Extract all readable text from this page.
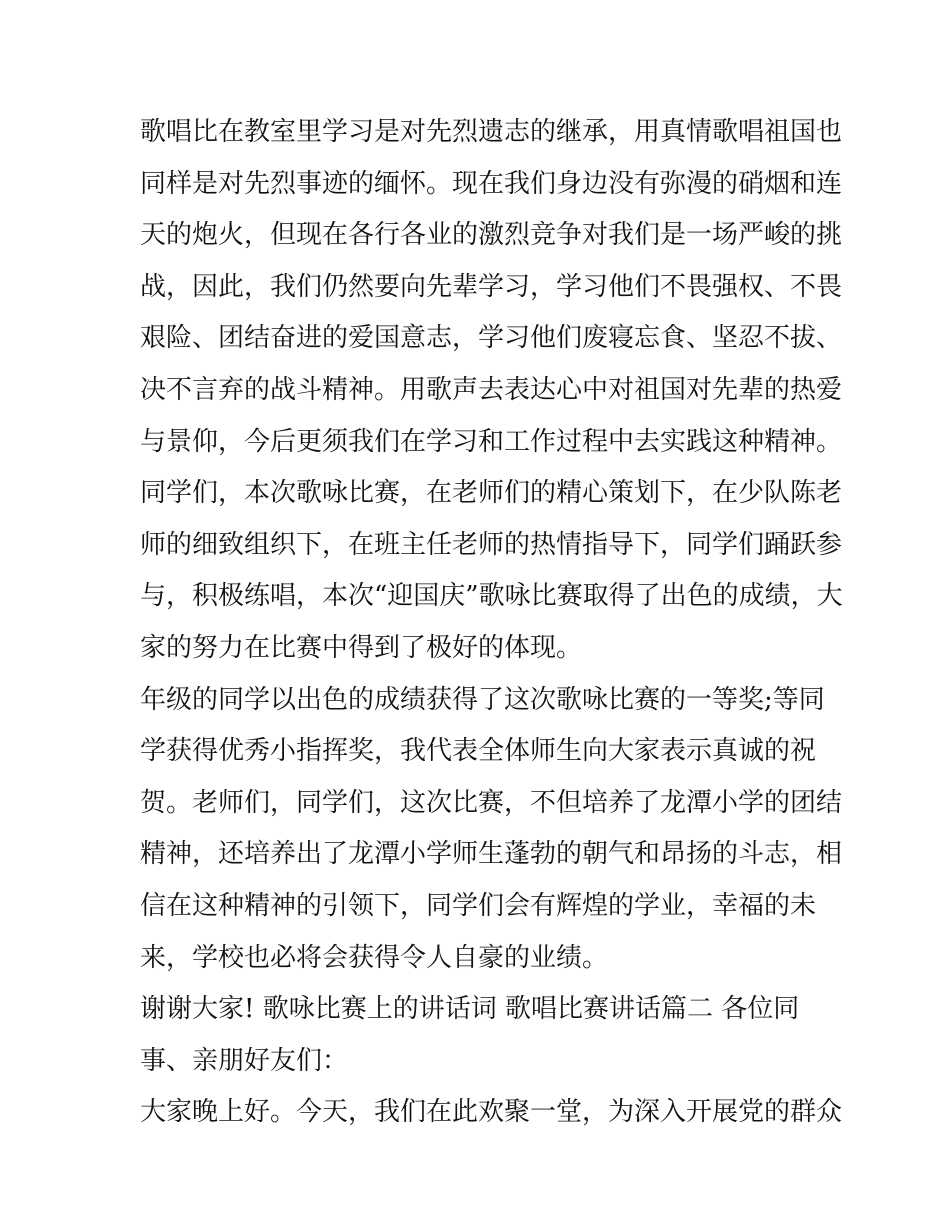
歌唱比在教室里学习是对先烈遗志的继承，用真情歌唱祖国也
同样是对先烈事迹的缅怀。现在我们身边没有弥漫的硝烟和连
天的炮火，但现在各行各业的激烈竞争对我们是一场严峻的挑
战，因此，我们仍然要向先辈学习，学习他们不畏强权、不畏
艰险、团结奋进的爱国意志，学习他们废寝忘食、坚忍不拔、
决不言弃的战斗精神。用歌声去表达心中对祖国对先辈的热爱
与景仰，今后更须我们在学习和工作过程中去实践这种精神。
同学们，本次歌咏比赛，在老师们的精心策划下，在少队陈老
师的细致组织下，在班主任老师的热情指导下，同学们踊跃参
与，积极练唱，本次“迎国庆”歌咏比赛取得了出色的成绩，大
家的努力在比赛中得到了极好的体现。
年级的同学以出色的成绩获得了这次歌咏比赛的一等奖;等同
学获得优秀小指挥奖，我代表全体师生向大家表示真诚的祝
贺。老师们，同学们，这次比赛，不但培养了龙潭小学的团结
精神，还培养出了龙潭小学师生蓬勃的朝气和昂扬的斗志，相
信在这种精神的引领下，同学们会有辉煌的学业，幸福的未
来，学校也必将会获得令人自豪的业绩。
谢谢大家! 歌咏比赛上的讲话词 歌唱比赛讲话篇二 各位同
事、亲朋好友们：
大家晚上好。今天，我们在此欢聚一堂，为深入开展党的群众
